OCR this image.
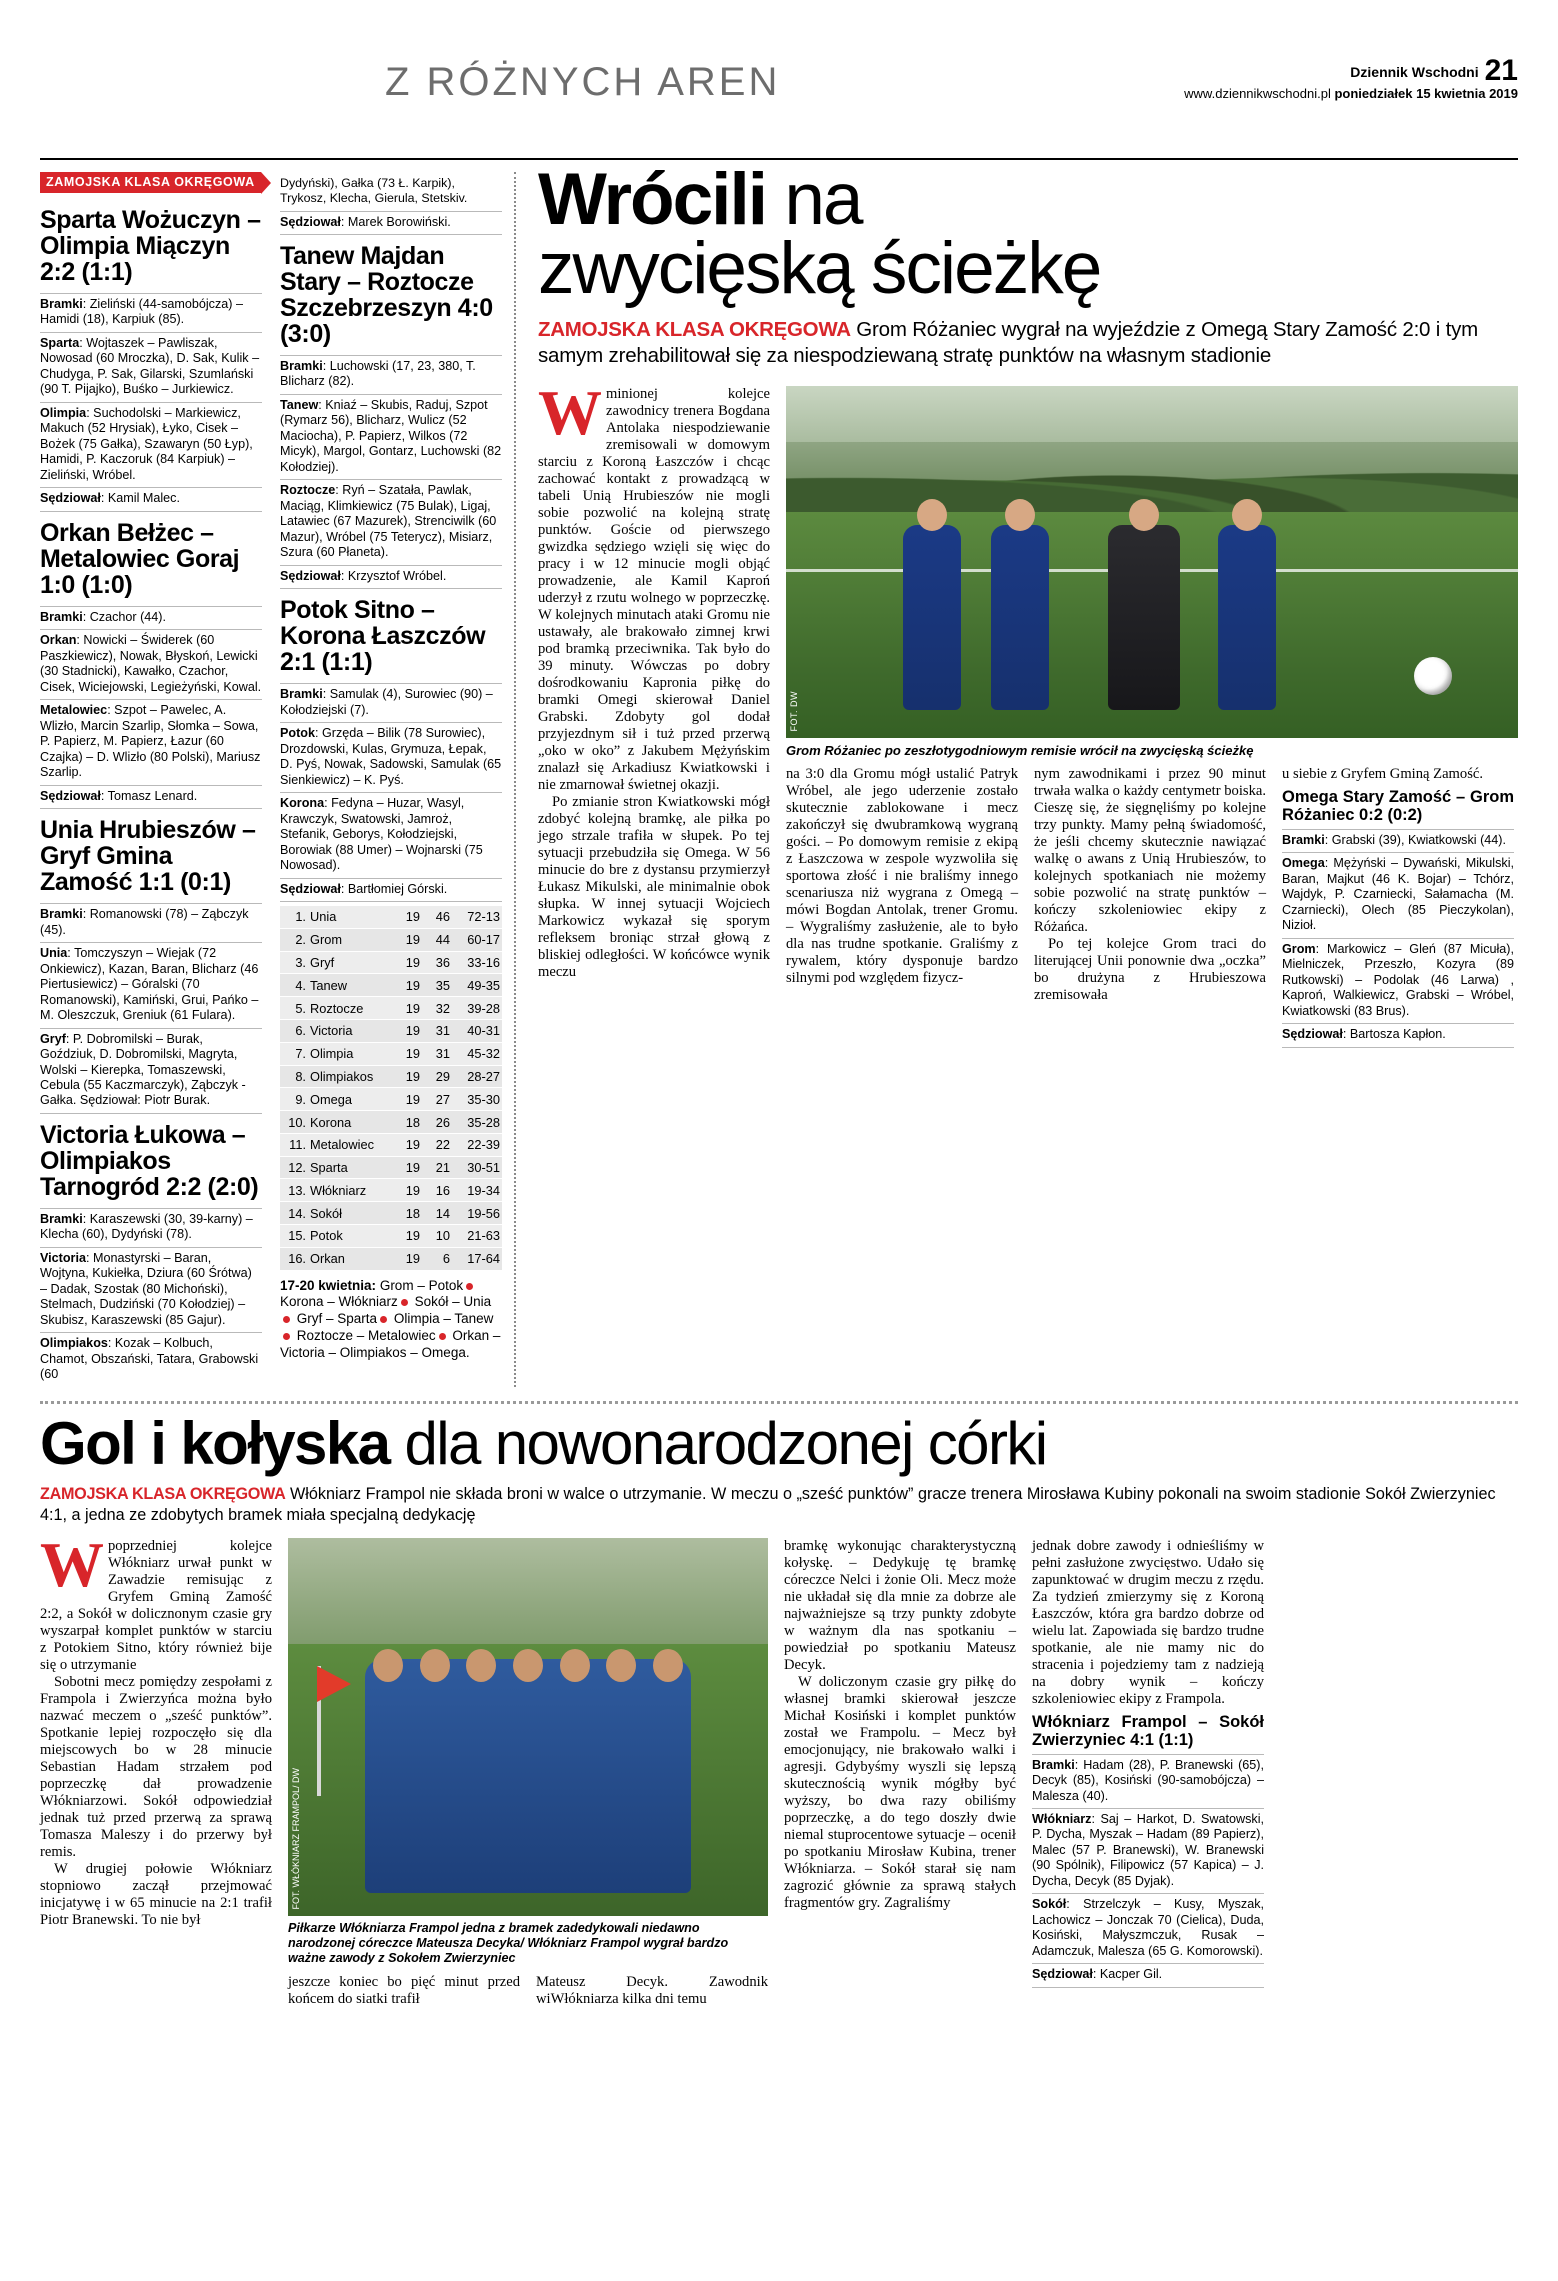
Z RÓŻNYCH AREN	Dziennik Wschodni 21
www.dziennikwschodni.pl poniedziałek 15 kwietnia 2019
ZAMOJSKA KLASA OKRĘGOWA
Sparta Wożuczyn – Olimpia Miączyn 2:2 (1:1)
Bramki: Zieliński (44-samobójcza) – Hamidi (18), Karpiuk (85).
Sparta: Wojtaszek – Pawliszak, Nowosad (60 Mroczka), D. Sak, Kulik – Chudyga, P. Sak, Gilarski, Szumlański (90 T. Pijajko), Buśko – Jurkiewicz.
Olimpia: Suchodolski – Markiewicz, Makuch (52 Hrysiak), Łyko, Cisek – Bożek (75 Gałka), Szawaryn (50 Łyp), Hamidi, P. Kaczoruk (84 Karpiuk) – Zieliński, Wróbel.
Sędziował: Kamil Malec.
Orkan Bełżec – Metalowiec Goraj 1:0 (1:0)
Bramki: Czachor (44).
Orkan: Nowicki – Świderek (60 Paszkiewicz), Nowak, Błyskoń, Lewicki (30 Stadnicki), Kawałko, Czachor, Cisek, Wiciejowski, Legieżyński, Kowal.
Metalowiec: Szpot – Pawelec, A. Wlizło, Marcin Szarlip, Słomka – Sowa, P. Papierz, M. Papierz, Łazur (60 Czajka) – D. Wlizło (80 Polski), Mariusz Szarlip.
Sędziował: Tomasz Lenard.
Unia Hrubieszów – Gryf Gmina Zamość 1:1 (0:1)
Bramki: Romanowski (78) – Ząbczyk (45).
Unia: Tomczyszyn – Wiejak (72 Onkiewicz), Kazan, Baran, Blicharz (46 Piertusiewicz) – Góralski (70 Romanowski), Kamiński, Grui, Pańko – M. Oleszczuk, Greniuk (61 Fulara).
Gryf: P. Dobromilski – Burak, Goździuk, D. Dobromilski, Magryta, Wolski – Kierepka, Tomaszewski, Cebula (55 Kaczmarczyk), Ząbczyk - Gałka. Sędziował: Piotr Burak.
Victoria Łukowa – Olimpiakos Tarnogród 2:2 (2:0)
Bramki: Karaszewski (30, 39-karny) – Klecha (60), Dydyński (78).
Victoria: Monastyrski – Baran, Wojtyna, Kukiełka, Dziura (60 Śrótwa) – Dadak, Szostak (80 Michoński), Stelmach, Dudziński (70 Kołodziej) – Skubisz, Karaszewski (85 Gajur).
Olimpiakos: Kozak – Kolbuch, Chamot, Obszański, Tatara, Grabowski (60
Dydyński), Gałka (73 Ł. Karpik), Trykosz, Klecha, Gierula, Stetskiv.
Sędziował: Marek Borowiński.
Tanew Majdan Stary – Roztocze Szczebrzeszyn 4:0 (3:0)
Bramki: Luchowski (17, 23, 380, T. Blicharz (82).
Tanew: Kniaź – Skubis, Raduj, Szpot (Rymarz 56), Blicharz, Wulicz (52 Maciocha), P. Papierz, Wilkos (72 Micyk), Margol, Gontarz, Luchowski (82 Kołodziej).
Roztocze: Ryń – Szatała, Pawlak, Maciąg, Klimkiewicz (75 Bulak), Ligaj, Latawiec (67 Mazurek), Strenciwilk (60 Mazur), Wróbel (75 Teterycz), Misiarz, Szura (60 Płaneta).
Sędziował: Krzysztof Wróbel.
Potok Sitno – Korona Łaszczów 2:1 (1:1)
Bramki: Samulak (4), Surowiec (90) – Kołodziejski (7).
Potok: Grzęda – Bilik (78 Surowiec), Drozdowski, Kulas, Grymuza, Łepak, D. Pyś, Nowak, Sadowski, Samulak (65 Sienkiewicz) – K. Pyś.
Korona: Fedyna – Huzar, Wasyl, Krawczyk, Swatowski, Jamroż, Stefanik, Geborys, Kołodziejski, Borowiak (88 Umer) – Wojnarski (75 Nowosad).
Sędziował: Bartłomiej Górski.
1.	Unia	19	46	72-13
2.	Grom	19	44	60-17
3.	Gryf	19	36	33-16
4.	Tanew	19	35	49-35
5.	Roztocze	19	32	39-28
6.	Victoria	19	31	40-31
7.	Olimpia	19	31	45-32
8.	Olimpiakos	19	29	28-27
9.	Omega	19	27	35-30
10.	Korona	18	26	35-28
11.	Metalowiec	19	22	22-39
12.	Sparta	19	21	30-51
13.	Włókniarz	19	16	19-34
14.	Sokół	18	14	19-56
15.	Potok	19	10	21-63
16.	Orkan	19	6	17-64
17-20 kwietnia: Grom – Potok Korona – Włókniarz Sokół – Unia Gryf – Sparta Olimpia – Tanew Roztocze – Metalowiec Orkan – Victoria – Olimpiakos – Omega.
Wrócili na
zwycięską ścieżkę
ZAMOJSKA KLASA OKRĘGOWA Grom Różaniec wygrał na wyjeździe z Omegą Stary Zamość 2:0 i tym samym zrehabilitował się za niespodziewaną stratę punktów na własnym stadionie

Wminionej kolejce zawodnicy trenera Bogdana Antolaka niespodziewanie zremisowali w domowym starciu z Koroną Łaszczów i chcąc zachować kontakt z prowadzącą w tabeli Unią Hrubieszów nie mogli sobie pozwolić na kolejną stratę punktów. Goście od pierwszego gwizdka sędziego wzięli się więc do pracy i w 12 minucie mogli objąć prowadzenie, ale Kamil Kaproń uderzył z rzutu wolnego w poprzeczkę. W kolejnych minutach ataki Gromu nie ustawały, ale brakowało zimnej krwi pod bramką przeciwnika. Tak było do 39 minuty. Wówczas po dobry dośrodkowaniu Kapronia piłkę do bramki Omegi skierował Daniel Grabski. Zdobyty gol dodał przyjezdnym sił i tuż przed przerwą „oko w oko” z Jakubem Mężyńskim znalazł się Arkadiusz Kwiatkowski i nie zmarnował świetnej okazji.

Po zmianie stron Kwiatkowski mógł zdobyć kolejną bramkę, ale piłka po jego strzale trafiła w słupek. Po tej sytuacji przebudziła się Omega. W 56 minucie do bre z dystansu przymierzył Łukasz Mikulski, ale minimalnie obok słupka. W innej sytuacji Wojciech Markowicz wykazał się sporym refleksem broniąc strzał głową z bliskiej odległości. W końcówce wynik meczu

FOT. DW
Grom Różaniec po zeszłotygodniowym remisie wrócił na zwycięską ścieżkę

na 3:0 dla Gromu mógł ustalić Patryk Wróbel, ale jego uderzenie zostało skutecznie zablokowane i mecz zakończył się dwubramkową wygraną gości. – Po domowym remisie z ekipą z Łaszczowa w zespole wyzwoliła się sportowa złość i nie braliśmy innego scenariusza niż wygrana z Omegą – mówi Bogdan Antolak, trener Gromu. – Wygraliśmy zasłużenie, ale to było dla nas trudne spotkanie. Graliśmy z rywalem, który dysponuje bardzo silnymi pod względem fizycz-

nym zawodnikami i przez 90 minut trwała walka o każdy centymetr boiska. Cieszę się, że sięgnęliśmy po kolejne trzy punkty. Mamy pełną świadomość, że jeśli chcemy skutecznie nawiązać walkę o awans z Unią Hrubieszów, to kolejnych spotkaniach nie możemy sobie pozwolić na stratę punktów – kończy szkoleniowiec ekipy z Różańca.

Po tej kolejce Grom traci do literującej Unii ponownie dwa „oczka” bo drużyna z Hrubieszowa zremisowała

u siebie z Gryfem Gminą Zamość.

Omega Stary Zamość – Grom Różaniec 0:2 (0:2)
Bramki: Grabski (39), Kwiatkowski (44).
Omega: Mężyński – Dywański, Mikulski, Baran, Majkut (46 K. Bojar) – Tchórz, Wajdyk, P. Czarniecki, Sałamacha (M. Czarniecki), Olech (85 Pieczykolan), Nizioł.
Grom: Markowicz – Gleń (87 Micuła), Mielniczek, Przeszło, Kozyra (89 Rutkowski) – Podolak (46 Larwa) , Kaproń, Walkiewicz, Grabski – Wróbel, Kwiatkowski (83 Brus).
Sędziował: Bartosza Kapłon.
Gol i kołyska dla nowonarodzonej córki
ZAMOJSKA KLASA OKRĘGOWA Włókniarz Frampol nie składa broni w walce o utrzymanie. W meczu o „sześć punktów” gracze trenera Mirosława Kubiny pokonali na swoim stadionie Sokół Zwierzyniec 4:1, a jedna ze zdobytych bramek miała specjalną dedykację

Wpoprzedniej kolejce Włókniarz urwał punkt w Zawadzie remisując z Gryfem Gminą Zamość 2:2, a Sokół w dolicznonym czasie gry wyszarpał komplet punktów w starciu z Potokiem Sitno, który również bije się o utrzymanie

Sobotni mecz pomiędzy zespołami z Frampola i Zwierzyńca można było nazwać meczem o „sześć punktów”. Spotkanie lepiej rozpoczęło się dla miejscowych bo w 28 minucie Sebastian Hadam strzałem pod poprzeczkę dał prowadzenie Włókniarzowi. Sokół odpowiedział jednak tuż przed przerwą za sprawą Tomasza Maleszy i do przerwy był remis.

W drugiej połowie Włókniarz stopniowo zaczął przejmować inicjatywę i w 65 minucie na 2:1 trafił Piotr Branewski. To nie był

FOT. WŁÓKNIARZ FRAMPOL/ DW
Piłkarze Włókniarza Frampol jedna z bramek zadedykowali niedawno narodzonej córeczce Mateusza Decyka/ Włókniarz Frampol wygrał bardzo ważne zawody z Sokołem Zwierzyniec

jeszcze koniec bo pięć minut przed końcem do siatki trafił

Mateusz Decyk. Zawodnik wiWłókniarza kilka dni temu

bramkę wykonując charakterystyczną kołyskę. – Dedykuję tę bramkę córeczce Nelci i żonie Oli. Mecz może nie układał się dla mnie za dobrze ale najważniejsze są trzy punkty zdobyte w ważnym dla nas spotkaniu – powiedział po spotkaniu Mateusz Decyk.

W doliczonym czasie gry piłkę do własnej bramki skierował jeszcze Michał Kosiński i komplet punktów został we Frampolu. – Mecz był emocjonujący, nie brakowało walki i agresji. Gdybyśmy wyszli się lepszą skutecznością wynik mógłby być wyższy, bo dwa razy obiliśmy poprzeczkę, a do tego doszły dwie niemal stuprocentowe sytuacje – ocenił po spotkaniu Mirosław Kubina, trener Włókniarza. – Sokół starał się nam zagrozić głównie za sprawą stałych fragmentów gry. Zagraliśmy

jednak dobre zawody i odnieśliśmy w pełni zasłużone zwycięstwo. Udało się zapunktować w drugim meczu z rzędu. Za tydzień zmierzymy się z Koroną Łaszczów, która gra bardzo dobrze od wielu lat. Zapowiada się bardzo trudne spotkanie, ale nie mamy nic do stracenia i pojedziemy tam z nadzieją na dobry wynik – kończy szkoleniowiec ekipy z Frampola.

Włókniarz Frampol – Sokół Zwierzyniec 4:1 (1:1)
Bramki: Hadam (28), P. Branewski (65), Decyk (85), Kosiński (90-samobójcza) – Malesza (40).
Włókniarz: Saj – Harkot, D. Swatowski, P. Dycha, Myszak – Hadam (89 Papierz), Malec (57 P. Branewski), W. Branewski (90 Spólnik), Filipowicz (57 Kapica) – J. Dycha, Decyk (85 Dyjak).
Sokół: Strzelczyk – Kusy, Myszak, Lachowicz – Jonczak 70 (Cielica), Duda, Kosiński, Małyszmczuk, Rusak – Adamczuk, Malesza (65 G. Komorowski).
Sędziował: Kacper Gil.
